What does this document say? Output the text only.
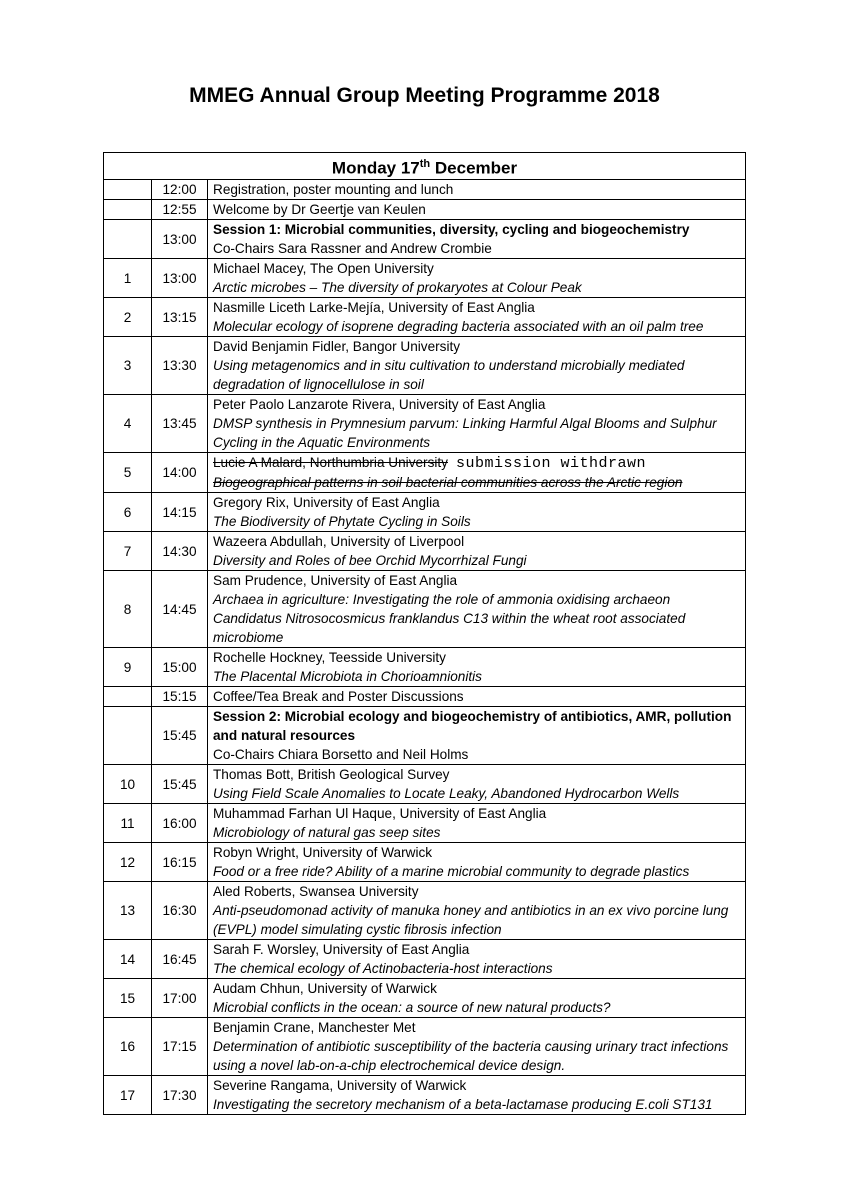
MMEG Annual Group Meeting Programme 2018
Monday 17th December		
	12:00	Registration, poster mounting and lunch

	12:55	Welcome by Dr Geertje van Keulen

	13:00	Session 1: Microbial communities, diversity, cycling and biogeochemistry
Co-Chairs Sara Rassner and Andrew Crombie

1	13:00	Michael Macey, The Open University
Arctic microbes – The diversity of prokaryotes at Colour Peak

2	13:15	Nasmille Liceth Larke-Mejía, University of East Anglia
Molecular ecology of isoprene degrading bacteria associated with an oil palm tree

3	13:30	David Benjamin Fidler, Bangor University
Using metagenomics and in situ cultivation to understand microbially mediated degradation of lignocellulose in soil

4	13:45	Peter Paolo Lanzarote Rivera, University of East Anglia
DMSP synthesis in Prymnesium parvum: Linking Harmful Algal Blooms and Sulphur Cycling in the Aquatic Environments

5	14:00	Lucie A Malard, Northumbria University submission withdrawn
Biogeographical patterns in soil bacterial communities across the Arctic region

6	14:15	Gregory Rix, University of East Anglia
The Biodiversity of Phytate Cycling in Soils

7	14:30	Wazeera Abdullah, University of Liverpool
Diversity and Roles of bee Orchid Mycorrhizal Fungi

8	14:45	Sam Prudence, University of East Anglia
Archaea in agriculture: Investigating the role of ammonia oxidising archaeon Candidatus Nitrosocosmicus franklandus C13 within the wheat root associated microbiome

9	15:00	Rochelle Hockney, Teesside University
The Placental Microbiota in Chorioamnionitis

	15:15	Coffee/Tea Break and Poster Discussions

	15:45	Session 2: Microbial ecology and biogeochemistry of antibiotics, AMR, pollution and natural resources
Co-Chairs Chiara Borsetto and Neil Holms

10	15:45	Thomas Bott, British Geological Survey
Using Field Scale Anomalies to Locate Leaky, Abandoned Hydrocarbon Wells

11	16:00	Muhammad Farhan Ul Haque, University of East Anglia
Microbiology of natural gas seep sites

12	16:15	Robyn Wright, University of Warwick
Food or a free ride? Ability of a marine microbial community to degrade plastics

13	16:30	Aled Roberts, Swansea University
Anti-pseudomonad activity of manuka honey and antibiotics in an ex vivo porcine lung (EVPL) model simulating cystic fibrosis infection

14	16:45	Sarah F. Worsley, University of East Anglia
The chemical ecology of Actinobacteria-host interactions

15	17:00	Audam Chhun, University of Warwick
Microbial conflicts in the ocean: a source of new natural products?

16	17:15	Benjamin Crane, Manchester Met
Determination of antibiotic susceptibility of the bacteria causing urinary tract infections using a novel lab-on-a-chip electrochemical device design.

17	17:30	Severine Rangama, University of Warwick
Investigating the secretory mechanism of a beta-lactamase producing E.coli ST131
